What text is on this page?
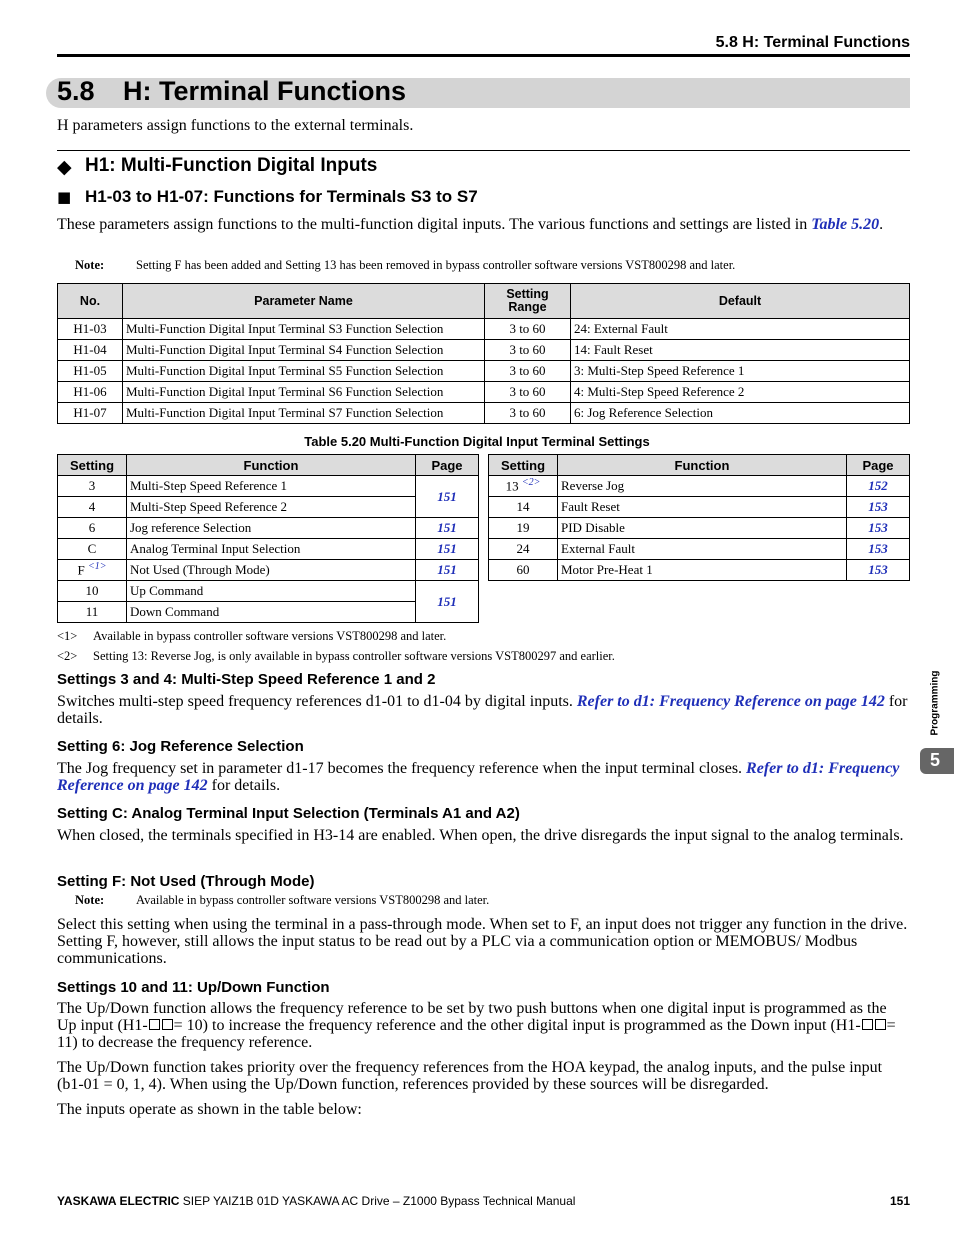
5.8 H: Terminal Functions
5.8 H: Terminal Functions
H parameters assign functions to the external terminals.
◆ H1: Multi-Function Digital Inputs
■ H1-03 to H1-07: Functions for Terminals S3 to S7
These parameters assign functions to the multi-function digital inputs. The various functions and settings are listed in Table 5.20.
Note:	Setting F has been added and Setting 13 has been removed in bypass controller software versions VST800298 and later.
No.	Parameter Name	Setting Range	Default
H1-03	Multi-Function Digital Input Terminal S3 Function Selection	3 to 60	24: External Fault
H1-04	Multi-Function Digital Input Terminal S4 Function Selection	3 to 60	14: Fault Reset
H1-05	Multi-Function Digital Input Terminal S5 Function Selection	3 to 60	3: Multi-Step Speed Reference 1
H1-06	Multi-Function Digital Input Terminal S6 Function Selection	3 to 60	4: Multi-Step Speed Reference 2
H1-07	Multi-Function Digital Input Terminal S7 Function Selection	3 to 60	6: Jog Reference Selection
Table 5.20 Multi-Function Digital Input Terminal Settings
Setting	Function	Page
3	Multi-Step Speed Reference 1	151
4	Multi-Step Speed Reference 2	
6	Jog reference Selection	151
C	Analog Terminal Input Selection	151
F $^{<1>}$	Not Used (Through Mode)	151
10	Up Command	151
11	Down Command	
Setting	Function	Page
13 $^{<2>}$	Reverse Jog	152
14	Fault Reset	153
19	PID Disable	153
24	External Fault	153
60	Motor Pre-Heat 1	153
<1> Available in bypass controller software versions VST800298 and later.
<2> Setting 13: Reverse Jog, is only available in bypass controller software versions VST800297 and earlier.
Settings 3 and 4: Multi-Step Speed Reference 1 and 2
Switches multi-step speed frequency references d1-01 to d1-04 by digital inputs. Refer to d1: Frequency Reference on page 142 for details.
Setting 6: Jog Reference Selection
The Jog frequency set in parameter d1-17 becomes the frequency reference when the input terminal closes. Refer to d1: Frequency Reference on page 142 for details.
Setting C: Analog Terminal Input Selection (Terminals A1 and A2)
When closed, the terminals specified in H3-14 are enabled. When open, the drive disregards the input signal to the analog terminals.
Setting F: Not Used (Through Mode)
Note:	Available in bypass controller software versions VST800298 and later.
Select this setting when using the terminal in a pass-through mode. When set to F, an input does not trigger any function in the drive. Setting F, however, still allows the input status to be read out by a PLC via a communication option or MEMOBUS/ Modbus communications.
Settings 10 and 11: Up/Down Function
The Up/Down function allows the frequency reference to be set by two push buttons when one digital input is programmed as the Up input (H1- = 10) to increase the frequency reference and the other digital input is programmed as the Down input (H1- = 11) to decrease the frequency reference.
The Up/Down function takes priority over the frequency references from the HOA keypad, the analog inputs, and the pulse input (b1-01 = 0, 1, 4). When using the Up/Down function, references provided by these sources will be disregarded.
The inputs operate as shown in the table below:
Programming
5
YASKAWA ELECTRIC SIEP YAIZ1B 01D YASKAWA AC Drive – Z1000 Bypass Technical Manual	151
